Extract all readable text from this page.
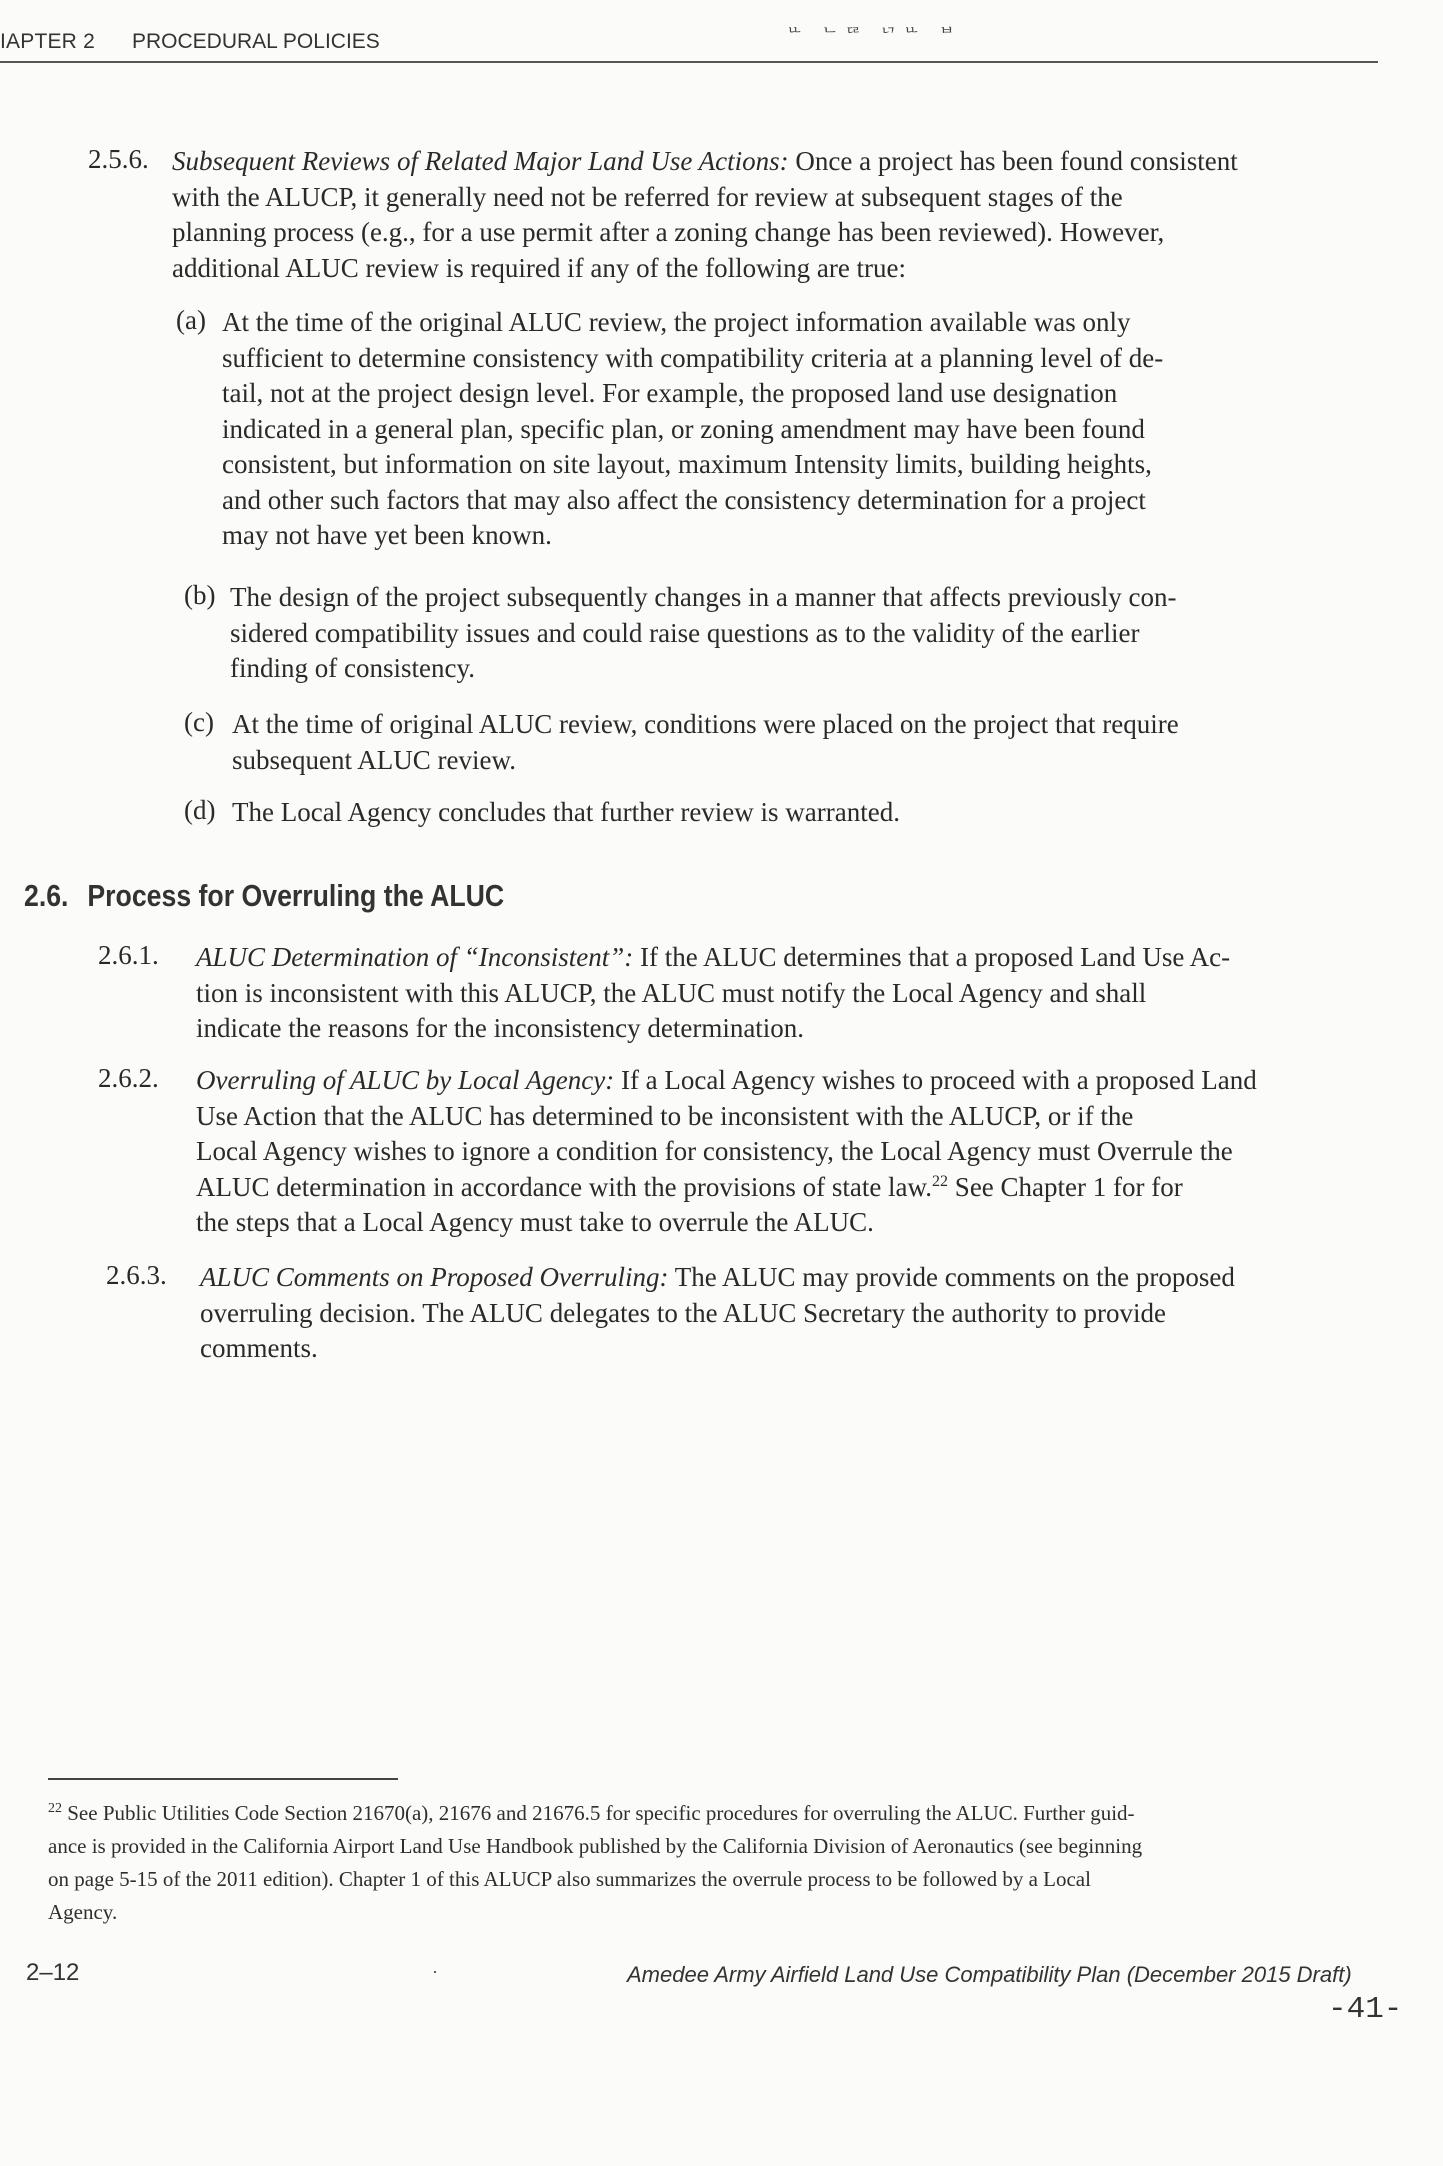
IAPTER 2 PROCEDURAL POLICIES	ᄔ ᄂᄃᄅ ᄓᄔ ᄇ
2.5.6. Subsequent Reviews of Related Major Land Use Actions: Once a project has been found consistent
with the ALUCP, it generally need not be referred for review at subsequent stages of the
planning process (e.g., for a use permit after a zoning change has been reviewed). However,
additional ALUC review is required if any of the following are true:
(a) At the time of the original ALUC review, the project information available was only
sufficient to determine consistency with compatibility criteria at a planning level of de-
tail, not at the project design level. For example, the proposed land use designation
indicated in a general plan, specific plan, or zoning amendment may have been found
consistent, but information on site layout, maximum Intensity limits, building heights,
and other such factors that may also affect the consistency determination for a project
may not have yet been known.
(b) The design of the project subsequently changes in a manner that affects previously con-
sidered compatibility issues and could raise questions as to the validity of the earlier
finding of consistency.
(c) At the time of original ALUC review, conditions were placed on the project that require
subsequent ALUC review.
(d) The Local Agency concludes that further review is warranted.
2.6. Process for Overruling the ALUC
2.6.1. ALUC Determination of “Inconsistent”: If the ALUC determines that a proposed Land Use Ac-
tion is inconsistent with this ALUCP, the ALUC must notify the Local Agency and shall
indicate the reasons for the inconsistency determination.
2.6.2. Overruling of ALUC by Local Agency: If a Local Agency wishes to proceed with a proposed Land
Use Action that the ALUC has determined to be inconsistent with the ALUCP, or if the
Local Agency wishes to ignore a condition for consistency, the Local Agency must Overrule the
ALUC determination in accordance with the provisions of state law.$^{22}$ See Chapter 1 for for
the steps that a Local Agency must take to overrule the ALUC.
2.6.3. ALUC Comments on Proposed Overruling: The ALUC may provide comments on the proposed
overruling decision. The ALUC delegates to the ALUC Secretary the authority to provide
comments.
$^{22}$ See Public Utilities Code Section 21670(a), 21676 and 21676.5 for specific procedures for overruling the ALUC. Further guid-
ance is provided in the California Airport Land Use Handbook published by the California Division of Aeronautics (see beginning
on page 5-15 of the 2011 edition). Chapter 1 of this ALUCP also summarizes the overrule process to be followed by a Local
Agency.
2–12	·	Amedee Army Airfield Land Use Compatibility Plan (December 2015 Draft)
-41-
